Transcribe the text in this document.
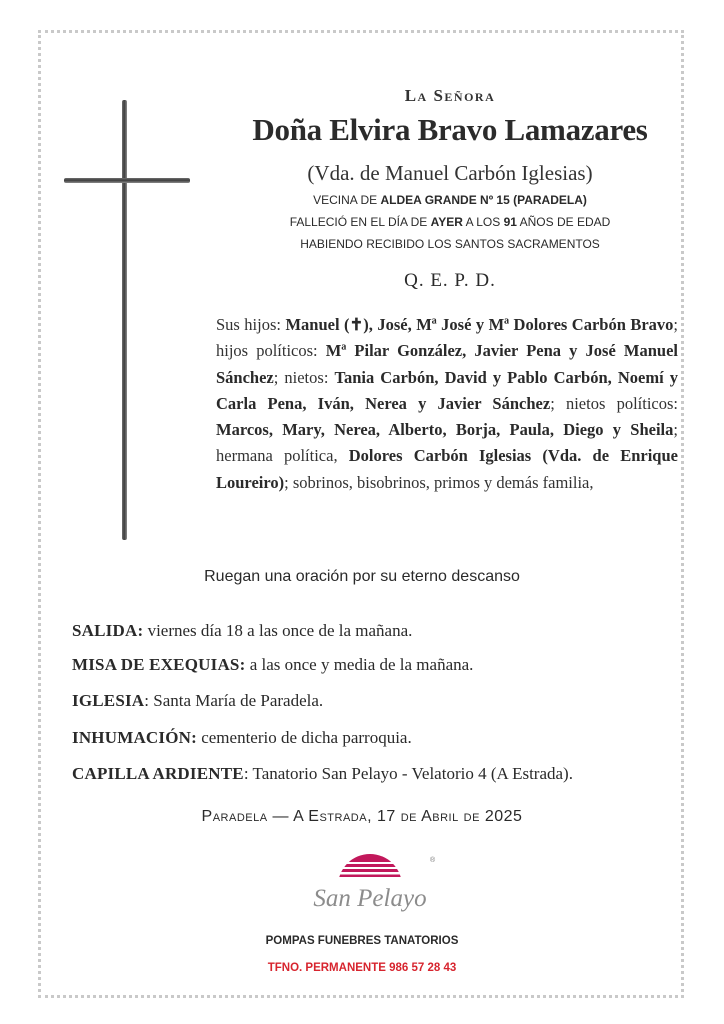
La Señora
Doña Elvira Bravo Lamazares
(Vda. de Manuel Carbón Iglesias)
VECINA DE ALDEA GRANDE Nº 15 (PARADELA)
FALLECIÓ EN EL DÍA DE AYER A LOS 91 AÑOS DE EDAD
HABIENDO RECIBIDO LOS SANTOS SACRAMENTOS
Q. E. P. D.
Sus hijos: Manuel (✝), José, Mª José y Mª Dolores Carbón Bravo; hijos políticos: Mª Pilar González, Javier Pena y José Manuel Sánchez; nietos: Tania Carbón, David y Pablo Carbón, Noemí y Carla Pena, Iván, Nerea y Javier Sánchez; nietos políticos: Marcos, Mary, Nerea, Alberto, Borja, Paula, Diego y Sheila; hermana política, Dolores Carbón Iglesias (Vda. de Enrique Loureiro); sobrinos, bisobrinos, primos y demás familia,
Ruegan una oración por su eterno descanso
SALIDA: viernes día 18 a las once de la mañana.
MISA DE EXEQUIAS: a las once y media de la mañana.
IGLESIA: Santa María de Paradela.
INHUMACIÓN: cementerio de dicha parroquia.
CAPILLA ARDIENTE: Tanatorio San Pelayo - Velatorio 4 (A Estrada).
Paradela — A Estrada, 17 de Abril de 2025
®
San Pelayo
POMPAS FUNEBRES TANATORIOS
TFNO. PERMANENTE 986 57 28 43
